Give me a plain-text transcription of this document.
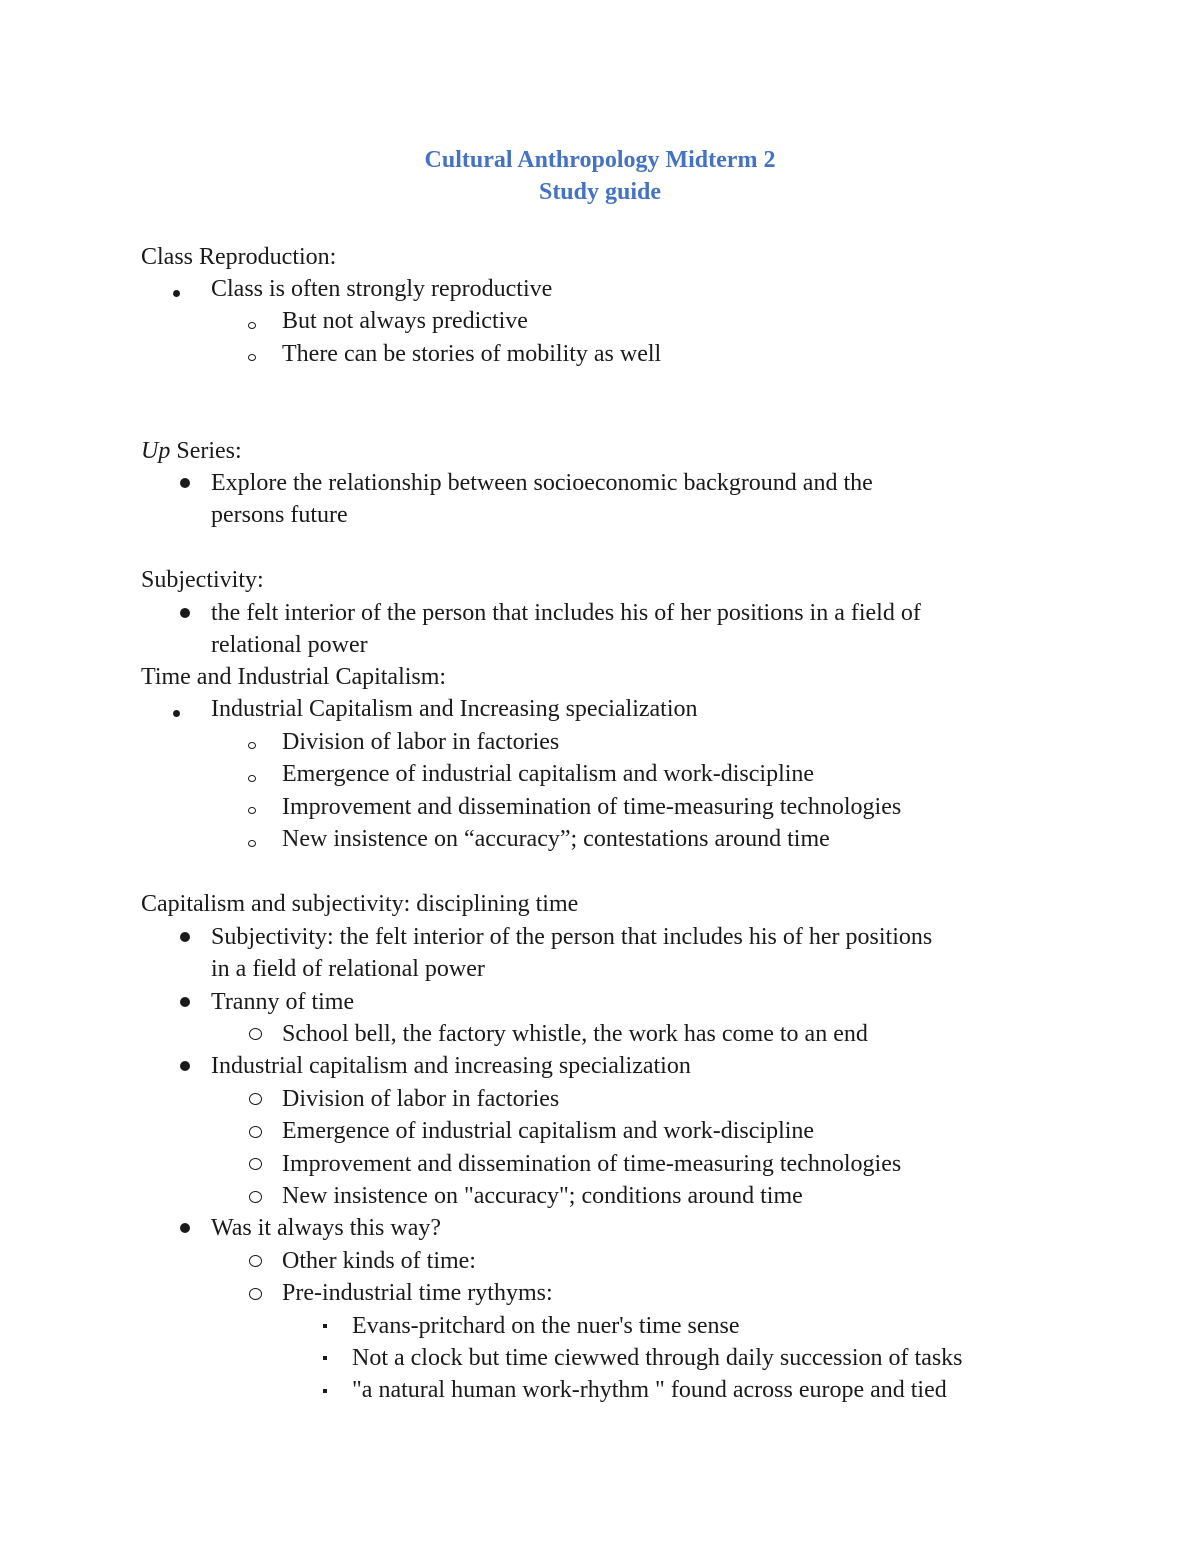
Cultural Anthropology Midterm 2
Study guide
Class Reproduction:
Class is often strongly reproductive
But not always predictive
There can be stories of mobility as well
Up Series:
Explore the relationship between socioeconomic background and the
persons future
Subjectivity:
the felt interior of the person that includes his of her positions in a field of
relational power
Time and Industrial Capitalism:
Industrial Capitalism and Increasing specialization
Division of labor in factories
Emergence of industrial capitalism and work-discipline
Improvement and dissemination of time-measuring technologies
New insistence on “accuracy”; contestations around time
Capitalism and subjectivity: disciplining time
Subjectivity: the felt interior of the person that includes his of her positions
in a field of relational power
Tranny of time
School bell, the factory whistle, the work has come to an end
Industrial capitalism and increasing specialization
Division of labor in factories
Emergence of industrial capitalism and work-discipline
Improvement and dissemination of time-measuring technologies
New insistence on "accuracy"; conditions around time
Was it always this way?
Other kinds of time:
Pre-industrial time rythyms:
Evans-pritchard on the nuer's time sense
Not a clock but time ciewwed through daily succession of tasks
"a natural human work-rhythm " found across europe and tied
